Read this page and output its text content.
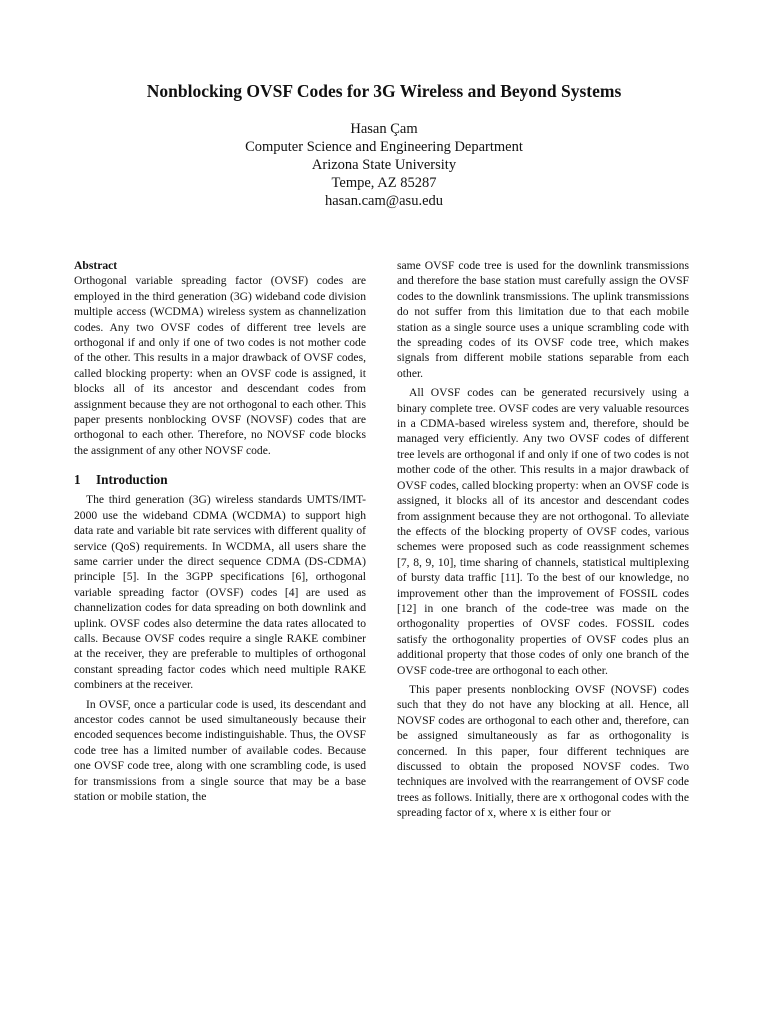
Nonblocking OVSF Codes for 3G Wireless and Beyond Systems
Hasan Çam
Computer Science and Engineering Department
Arizona State University
Tempe, AZ 85287
hasan.cam@asu.edu
Abstract

Orthogonal variable spreading factor (OVSF) codes are employed in the third generation (3G) wideband code division multiple access (WCDMA) wireless system as channelization codes. Any two OVSF codes of different tree levels are orthogonal if and only if one of two codes is not mother code of the other. This results in a major drawback of OVSF codes, called blocking property: when an OVSF code is assigned, it blocks all of its ancestor and descendant codes from assignment because they are not orthogonal to each other. This paper presents nonblocking OVSF (NOVSF) codes that are orthogonal to each other. Therefore, no NOVSF code blocks the assignment of any other NOVSF code.

1 Introduction

The third generation (3G) wireless standards UMTS/IMT-2000 use the wideband CDMA (WCDMA) to support high data rate and variable bit rate services with different quality of service (QoS) requirements. In WCDMA, all users share the same carrier under the direct sequence CDMA (DS-CDMA) principle [5]. In the 3GPP specifications [6], orthogonal variable spreading factor (OVSF) codes [4] are used as channelization codes for data spreading on both downlink and uplink. OVSF codes also determine the data rates allocated to calls. Because OVSF codes require a single RAKE combiner at the receiver, they are preferable to multiples of orthogonal constant spreading factor codes which need multiple RAKE combiners at the receiver.

In OVSF, once a particular code is used, its descendant and ancestor codes cannot be used simultaneously because their encoded sequences become indistinguishable. Thus, the OVSF code tree has a limited number of available codes. Because one OVSF code tree, along with one scrambling code, is used for transmissions from a single source that may be a base station or mobile station, the

same OVSF code tree is used for the downlink transmissions and therefore the base station must carefully assign the OVSF codes to the downlink transmissions. The uplink transmissions do not suffer from this limitation due to that each mobile station as a single source uses a unique scrambling code with the spreading codes of its OVSF code tree, which makes signals from different mobile stations separable from each other.

All OVSF codes can be generated recursively using a binary complete tree. OVSF codes are very valuable resources in a CDMA-based wireless system and, therefore, should be managed very efficiently. Any two OVSF codes of different tree levels are orthogonal if and only if one of two codes is not mother code of the other. This results in a major drawback of OVSF codes, called blocking property: when an OVSF code is assigned, it blocks all of its ancestor and descendant codes from assignment because they are not orthogonal. To alleviate the effects of the blocking property of OVSF codes, various schemes were proposed such as code reassignment schemes [7, 8, 9, 10], time sharing of channels, statistical multiplexing of bursty data traffic [11]. To the best of our knowledge, no improvement other than the improvement of FOSSIL codes [12] in one branch of the code-tree was made on the orthogonality properties of OVSF codes. FOSSIL codes satisfy the orthogonality properties of OVSF codes plus an additional property that those codes of only one branch of the OVSF code-tree are orthogonal to each other.

This paper presents nonblocking OVSF (NOVSF) codes such that they do not have any blocking at all. Hence, all NOVSF codes are orthogonal to each other and, therefore, can be assigned simultaneously as far as orthogonality is concerned. In this paper, four different techniques are discussed to obtain the proposed NOVSF codes. Two techniques are involved with the rearrangement of OVSF code trees as follows. Initially, there are x orthogonal codes with the spreading factor of x, where x is either four or
